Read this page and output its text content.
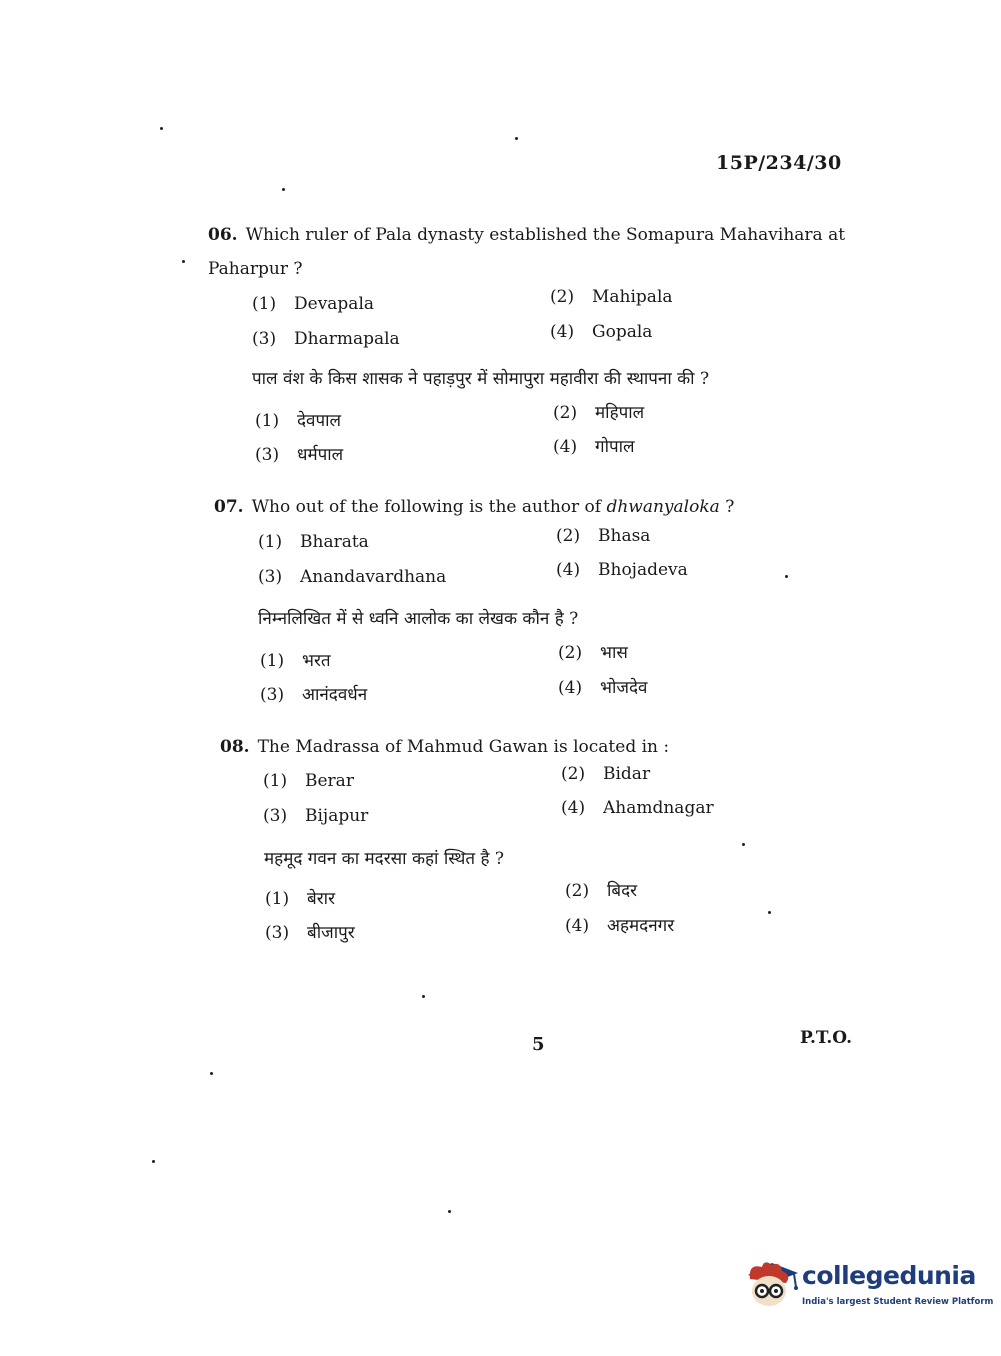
15P/234/30
06. Which ruler of Pala dynasty established the Somapura Mahavihara at Paharpur ?
(1) Devapala	(2) Mahipala
(3) Dharmapala	(4) Gopala
पाल वंश के किस शासक ने पहाड़पुर में सोमापुरा महावीरा की स्थापना की ?
(1) देवपाल	(2) महिपाल
(3) धर्मपाल	(4) गोपाल
07. Who out of the following is the author of dhwanyaloka ?
(1) Bharata	(2) Bhasa
(3) Anandavardhana	(4) Bhojadeva
निम्नलिखित में से ध्वनि आलोक का लेखक कौन है ?
(1) भरत	(2) भास
(3) आनंदवर्धन	(4) भोजदेव
08. The Madrassa of Mahmud Gawan is located in :
(1) Berar	(2) Bidar
(3) Bijapur	(4) Ahamdnagar
महमूद गवन का मदरसा कहां स्थित है ?
(1) बेरार	(2) बिदर
(3) बीजापुर	(4) अहमदनगर
5	P.T.O.
collegedunia
India's largest Student Review Platform
